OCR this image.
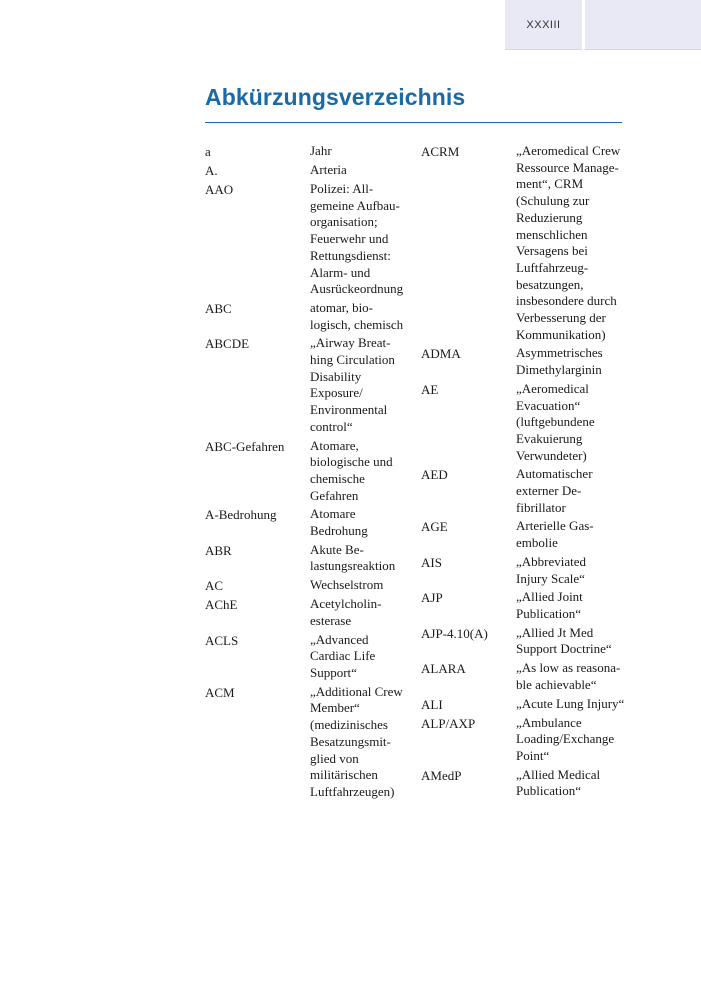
XXXIII
Abkürzungsverzeichnis
a	Jahr
A.	Arteria
AAO	Polizei: All-
gemeine Aufbau-
organisation;
Feuerwehr und
Rettungsdienst:
Alarm- und
Ausrückeordnung
ABC	atomar, bio-
logisch, chemisch
ABCDE	„Airway Breat-
hing Circulation
Disability
Exposure/
Environmental
control“
ABC-Gefahren	Atomare,
biologische und
chemische
Gefahren
A-Bedrohung	Atomare
Bedrohung
ABR	Akute Be-
lastungsreaktion
AC	Wechselstrom
AChE	Acetylcholin-
esterase
ACLS	„Advanced
Cardiac Life
Support“
ACM	„Additional Crew
Member“
(medizinisches
Besatzungsmit-
glied von
militärischen
Luftfahrzeugen)
ACRM	„Aeromedical Crew
Ressource Manage-
ment“, CRM
(Schulung zur
Reduzierung
menschlichen
Versagens bei
Luftfahrzeug-
besatzungen,
insbesondere durch
Verbesserung der
Kommunikation)
ADMA	Asymmetrisches
Dimethylarginin
AE	„Aeromedical
Evacuation“
(luftgebundene
Evakuierung
Verwundeter)
AED	Automatischer
externer De-
fibrillator
AGE	Arterielle Gas-
embolie
AIS	„Abbreviated
Injury Scale“
AJP	„Allied Joint
Publication“
AJP-4.10(A)	„Allied Jt Med
Support Doctrine“
ALARA	„As low as reasona-
ble achievable“
ALI	„Acute Lung Injury“
ALP/AXP	„Ambulance
Loading/Exchange
Point“
AMedP	„Allied Medical
Publication“
